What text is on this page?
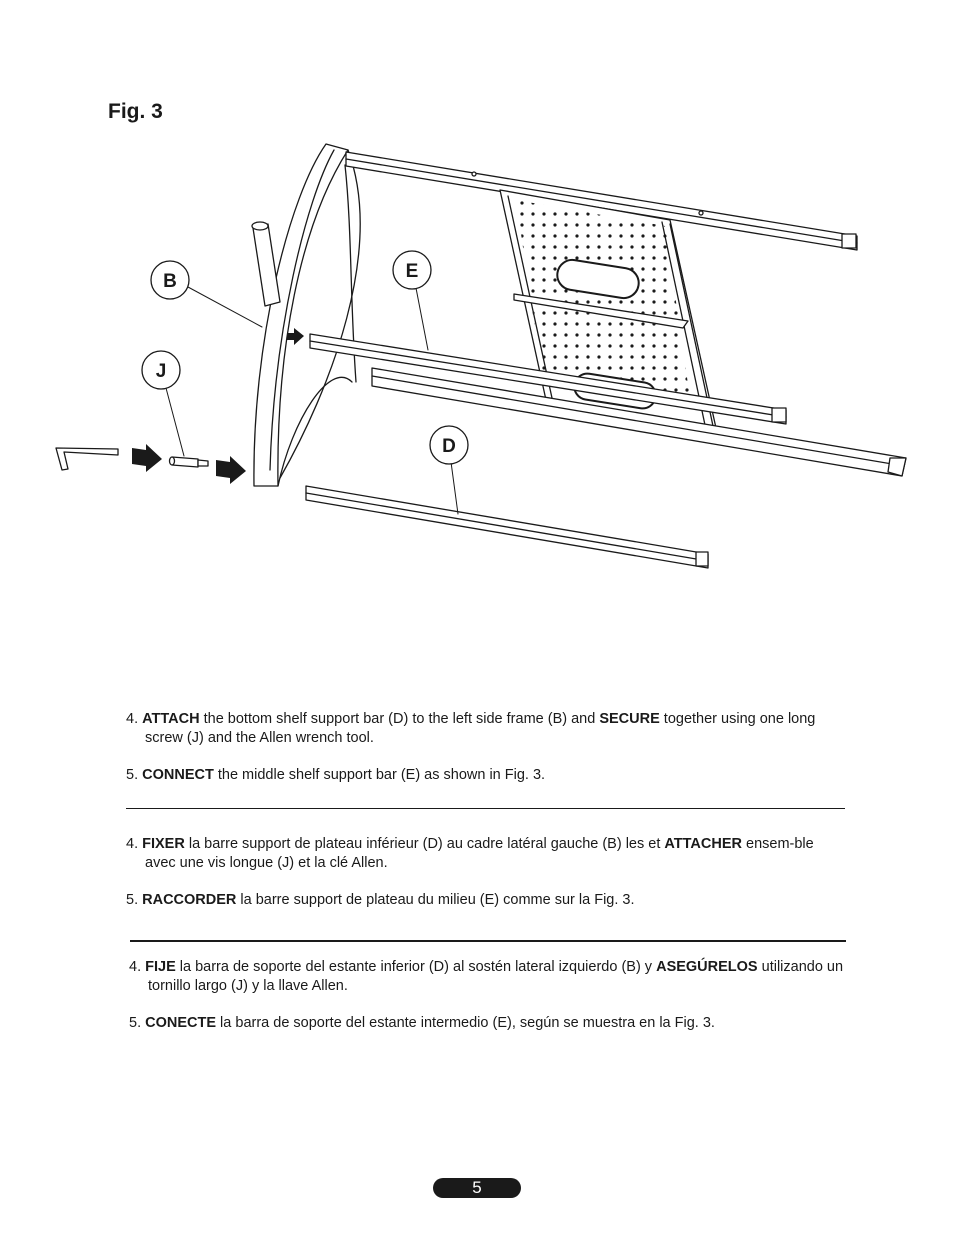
Fig. 3
B
J
E
D

4. ATTACH the bottom shelf support bar (D) to the left side frame (B) and SECURE together using one long screw (J) and the Allen wrench tool.

5. CONNECT the middle shelf support bar (E) as shown in Fig. 3.

4. FIXER la barre support de plateau inférieur (D) au cadre latéral gauche (B) les et ATTACHER ensem-ble avec une vis longue (J) et la clé Allen.

5. RACCORDER la barre support de plateau du milieu (E) comme sur la Fig. 3.

4. FIJE la barra de soporte del estante inferior (D) al sostén lateral izquierdo (B) y ASEGÚRELOS utilizando un tornillo largo (J) y la llave Allen.

5. CONECTE la barra de soporte del estante intermedio (E), según se muestra en la Fig. 3.

5
